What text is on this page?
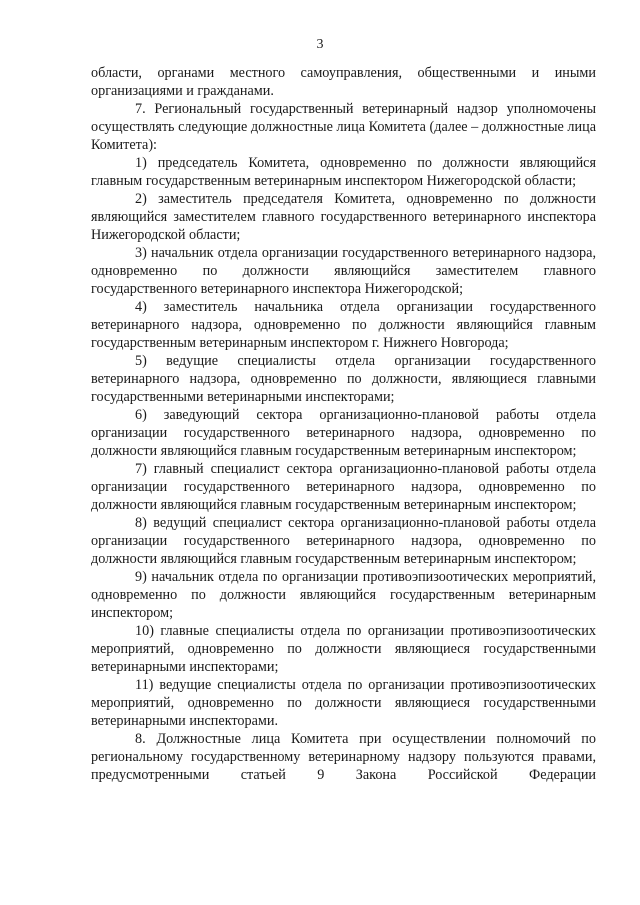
3

области, органами местного самоуправления, общественными и иными организациями и гражданами.

7. Региональный государственный ветеринарный надзор уполномочены осуществлять следующие должностные лица Комитета (далее – должностные лица Комитета):

1) председатель Комитета, одновременно по должности являющийся главным государственным ветеринарным инспектором Нижегородской области;

2) заместитель председателя Комитета, одновременно по должности являющийся заместителем главного государственного ветеринарного инспектора Нижегородской области;

3) начальник отдела организации государственного ветеринарного надзора, одновременно по должности являющийся заместителем главного государственного ветеринарного инспектора Нижегородской;

4) заместитель начальника отдела организации государственного ветеринарного надзора, одновременно по должности являющийся главным государственным ветеринарным инспектором г. Нижнего Новгорода;

5) ведущие специалисты отдела организации государственного ветеринарного надзора, одновременно по должности, являющиеся главными государственными ветеринарными инспекторами;

6) заведующий сектора организационно-плановой работы отдела организации государственного ветеринарного надзора, одновременно по должности являющийся главным государственным ветеринарным инспектором;

7) главный специалист сектора организационно-плановой работы отдела организации государственного ветеринарного надзора, одновременно по должности являющийся главным государственным ветеринарным инспектором;

8) ведущий специалист сектора организационно-плановой работы отдела организации государственного ветеринарного надзора, одновременно по должности являющийся главным государственным ветеринарным инспектором;

9) начальник отдела по организации противоэпизоотических мероприятий, одновременно по должности являющийся государственным ветеринарным инспектором;

10) главные специалисты отдела по организации противоэпизоотических мероприятий, одновременно по должности являющиеся государственными ветеринарными инспекторами;

11) ведущие специалисты отдела по организации противоэпизоотических мероприятий, одновременно по должности являющиеся государственными ветеринарными инспекторами.

8. Должностные лица Комитета при осуществлении полномочий по региональному государственному ветеринарному надзору пользуются правами, предусмотренными статьей 9 Закона Российской Федерации
